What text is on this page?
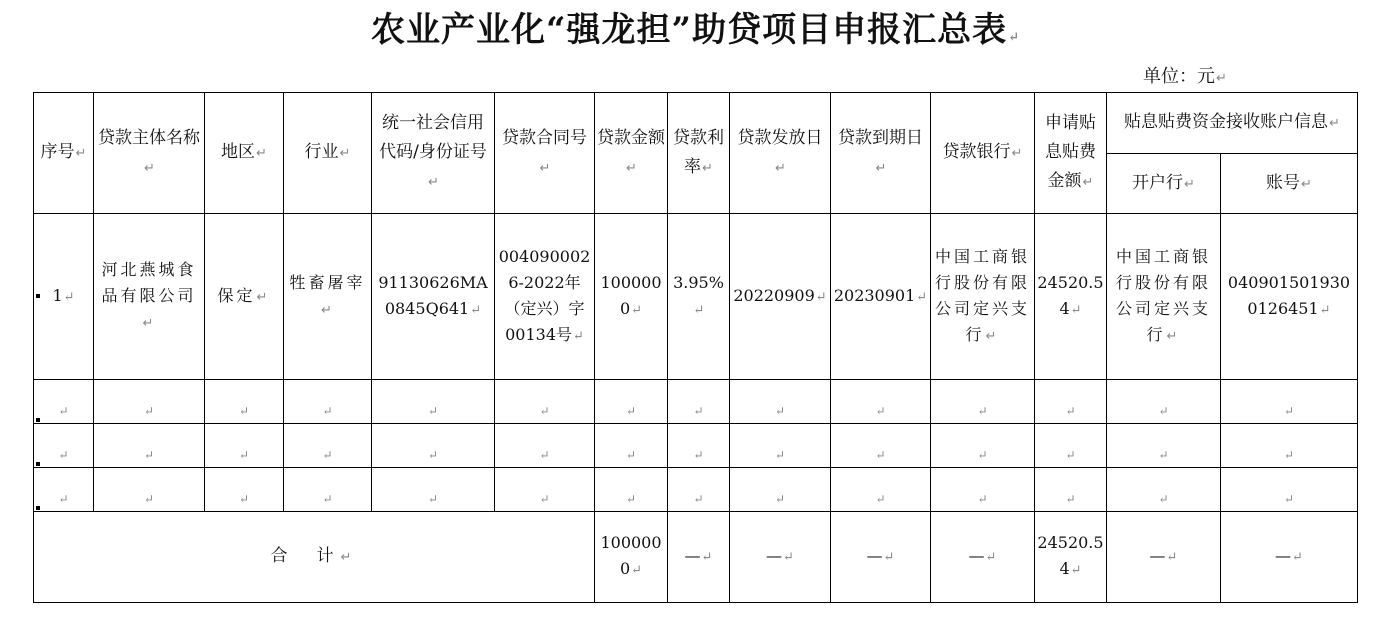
农业产业化“强龙担”助贷项目申报汇总表↵
单位：元↵
序号↵	贷款主体名称↵	地区↵	行业↵	统一社会信用代码/身份证号↵	贷款合同号↵	贷款金额↵	贷款利率↵	贷款发放日↵	贷款到期日↵	贷款银行↵	申请贴息贴费金额↵	贴息贴费资金接收账户信息↵	
												开户行↵	账号↵
1↵	河北燕城食品有限公司↵	保定↵	牲畜屠宰↵	91130626MA0845Q641↵	0040900026-2022年（定兴）字 00134号↵	1000000↵	3.95%↵	20220909↵	20230901↵	中国工商银行股份有限公司定兴支行↵	24520.54↵	中国工商银行股份有限公司定兴支行↵	0409015019300126451↵

↵	↵	↵	↵	↵	↵	↵	↵	↵	↵	↵	↵	↵	↵

↵	↵	↵	↵	↵	↵	↵	↵	↵	↵	↵	↵	↵	↵

↵	↵	↵	↵	↵	↵	↵	↵	↵	↵	↵	↵	↵	↵

合　计↵						1000000↵	—↵	—↵	—↵	—↵	24520.54↵	—↵	—↵
